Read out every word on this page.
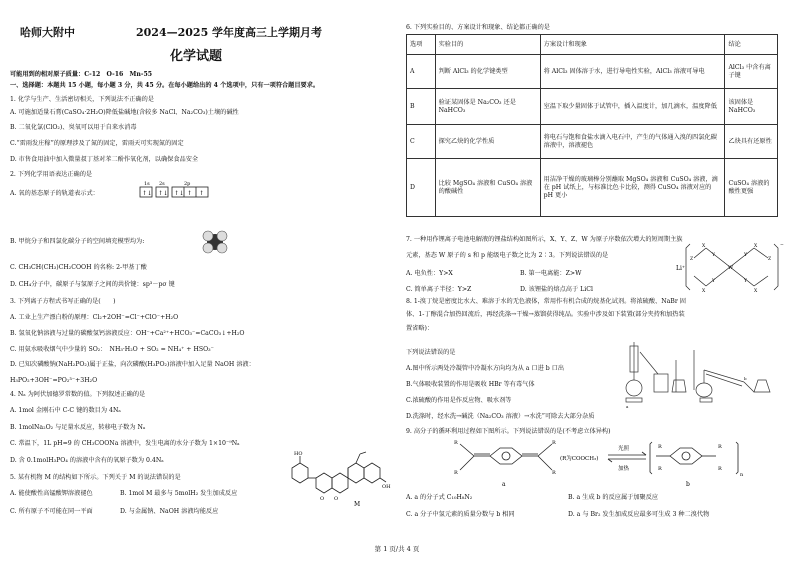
哈师大附中	2024—2025 学年度高三上学期月考
化学试题
可能用到的相对原子质量：C-12　O-16　Mn-55
一、选择题：本题共 15 小题，每小题 3 分，共 45 分。在每小题给出的 4 个选项中，只有一项符合题目要求。
1. 化学与生产、生活密切相关，下列说法不正确的是
A. 可施加适量石膏(CaSO₄·2H₂O)降低盐碱地(含较多 NaCl、Na₂CO₃)土壤的碱性
B. 二氧化氯(ClO₂)、臭氧可以用于自来水消毒
C.“雷雨发庄稼”的原理涉及了氮的固定，雷雨天可实现氮的固定
D. 市售食用油中加入微量叔丁基对苯二酚作氧化剂，以确保食品安全
2. 下列化学用语表达正确的是
A. 氧的基态原子的轨道表示式：
1s 2s	2p
↑↓ ↑↓ ↑↓ ↑ ↑
B. 甲烷分子和四氯化碳分子的空间填充模型均为:
C. CH₃CH(CH₃)CH₂COOH 的名称: 2-甲基丁酸
D. CH₄分子中，碳原子与氢原子之间的共价键：sp³－pσ 键
3. 下列离子方程式书写正确的是(　　)
A. 工业上生产漂白粉的原理：Cl₂+2OH⁻=Cl⁻+ClO⁻+H₂O
B. 氢氧化钠溶液与过量的碳酸氢钙溶液反应：OH⁻+Ca²⁺+HCO₃⁻=CaCO₃↓+H₂O
C. 用氨水吸收烟气中少量的 SO₂：　NH₃·H₂O + SO₂ = NH₄⁺ + HSO₃⁻
D. 已知次磷酸钠(NaH₂PO₂)属于正盐，向次磷酸(H₃PO₂)溶液中加入足量 NaOH 溶液：
H₃PO₂+3OH⁻=PO₂³⁻+3H₂O
4. Nₐ 为阿伏加德罗常数的值。下列叙述正确的是
A. 1mol 金刚石中 C-C 键的数目为 4Nₐ
B. 1molNa₂O₂ 与足量水反应，转移电子数为 Nₐ
C. 常温下，1L pH=9 的 CH₃COONa 溶液中，发生电离的水分子数为 1×10⁻⁹Nₐ
D. 含 0.1molH₃PO₄ 的溶液中含有的氧原子数为 0.4Nₐ
5. 某有机物 M 的结构如下所示。下列关于 M 的说法错误的是
A. 能使酸性高锰酸钾溶液褪色	B. 1mol M 最多与 5molH₂ 发生加成反应
C. 所有原子不可能在同一平面	D. 与金属钠、NaOH 溶液均能反应
HO
OH
O O
M
6. 下列实验目的、方案设计和现象、结论都正确的是
选项	实验目的	方案设计和现象	结论
A	判断 AlCl₃ 的化学键类型	将 AlCl₃ 固体溶于水，进行导电性实验，AlCl₃ 溶液可导电	AlCl₃ 中含有离子键
B	验证某固体是 Na₂CO₃ 还是 NaHCO₃	室温下取少量固体于试管中，插入温度计，加几滴水，温度降低	该固体是 NaHCO₃
C	探究乙炔的化学性质	将电石与饱和食盐水滴入电石中，产生的气体通入溴的四氯化碳溶液中，溶液褪色	乙炔具有还原性
D	比较 MgSO₄ 溶液和 CuSO₄ 溶液的酸碱性	用洁净干燥的玻璃棒分别蘸取 MgSO₄ 溶液和 CuSO₄ 溶液，滴在 pH 试纸上，与标准比色卡比较，测得 CuSO₄ 溶液对应的 pH 更小	CuSO₄ 溶液的酸性更强
7. 一种用作锂离子电池电解液的锂盐结构如图所示，X、Y、Z、W 为原子序数依次增大的短周期主族
元素，基态 W 原子的 s 和 p 能级电子数之比为 2∶3。下列说法错误的是
A. 电负性：Y>X	B. 第一电离能：Z>W
C. 简单离子半径：Y>Z	D. 该锂盐的熔点高于 LiCl
Li⁺	W
Y	Y
Y	Y
X	X
X	X
Z	Z
−
8. 1-溴丁烷是密度比水大、难溶于水的无色液体，常用作有机合成的烷基化试剂。将浓硫酸、NaBr 固
体、1-丁醇混合加热回流后，再经洗涤→干燥→蒸馏获得纯品。实验中涉及如下装置(部分夹持和加热装
置省略)：
下列说法错误的是
A.图中所示两处冷凝管中冷凝水方向均为从 a 口进 b 口出
B.气体吸收装置的作用是吸收 HBr 等有毒气体
C.浓硫酸的作用是作反应物、吸水剂等
D.洗涤时，经水洗→碱洗（Na₂CO₃ 溶液）→水洗”可除去大部分杂质
a
b
9. 高分子的循环利用过程如下图所示。下列说法错误的是(不考虑立体异构)
R
R
R
R
(R为COOCH₃)
光照
加热
R
R
R
R
n
a	b
A. a 的分子式 C₁₀H₈N₂	B. a 生成 b 的反应属于加聚反应
C. a 分子中氢元素的质量分数与 b 相同	D. a 与 Br₂ 发生加成反应最多可生成 3 种二溴代物
第 1 页/共 4 页
